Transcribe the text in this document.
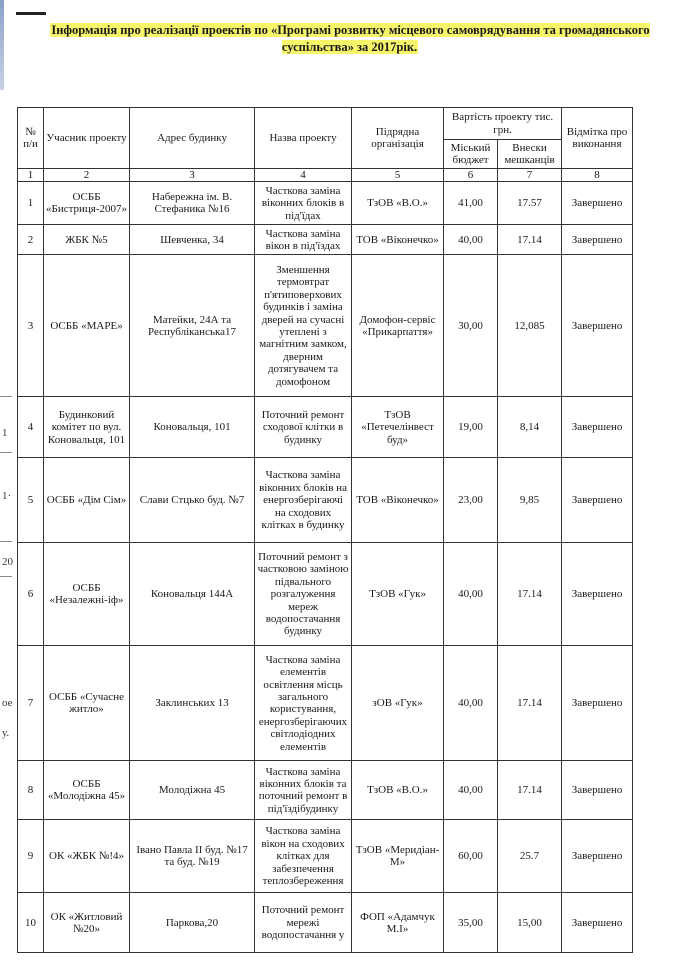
1
1·
20
ое
у.
Інформація про реалізації проектів по «Програмі розвитку місцевого самоврядування та громадянського суспільства» за 2017рік.
№ п/и	Учасник проекту	Адрес будинку	Назва проекту	Підрядна організація	Вартість проекту тис. грн.		Відмітка про виконання
					Міський бюджет	Внески мешканців	
1	2	3	4	5	6	7	8
1	ОСББ «Бистриця-2007»	Набережна ім. В. Стефаника №16	Часткова заміна віконних блоків в під'їдах	ТзОВ «В.О.»	41,00	17.57	Завершено
2	ЖБК №5	Шевченка, 34	Часткова заміна вікон в під'їздах	ТОВ «Віконечко»	40,00	17.14	Завершено
3	ОСББ «МАРЕ»	Матейки, 24А та Республіканська17	Зменшення термовтрат п'ятиповерхових будинків і заміна дверей на сучасні утеплені з магнітним замком, дверним дотягувачем та домофоном	Домофон-сервіс «Прикарпаття»	30,00	12,085	Завершено
4	Будинковий комітет по вул. Коновальця, 101	Коновальця, 101	Поточний ремонт сходової клітки в будинку	ТзОВ «Петечелінвест буд»	19,00	8,14	Завершено
5	ОСББ «Дім Сім»	Слави Стцько буд. №7	Часткова заміна віконних блоків на енергозберігаючі на сходових клітках в будинку	ТОВ «Віконечко»	23,00	9,85	Завершено
6	ОСББ «Незалежні-іф»	Коновальця 144А	Поточний ремонт з частковою заміною підвального розгалуження мереж водопостачання будинку	ТзОВ «Гук»	40,00	17.14	Завершено
7	ОСББ «Сучасне житло»	Заклинських 13	Часткова заміна елементів освітлення місць загального користування, енергозберігаючих світлодіодних елементів	зОВ «Гук»	40,00	17.14	Завершено
8	ОСББ «Молодіжна 45»	Молодіжна 45	Часткова заміна віконних блоків та поточний ремонт в під'їздібудинку	ТзОВ «В.О.»	40,00	17.14	Завершено
9	ОК «ЖБК №!4»	Івано Павла ІІ буд. №17 та буд. №19	Часткова заміна вікон на сходових клітках для забезпечення теплозбереження	ТзОВ «Меридіан-М»	60,00	25.7	Завершено
10	ОК «Житловий №20»	Паркова,20	Поточний ремонт мережі водопостачання у	ФОП «Адамчук М.І»	35,00	15,00	Завершено
